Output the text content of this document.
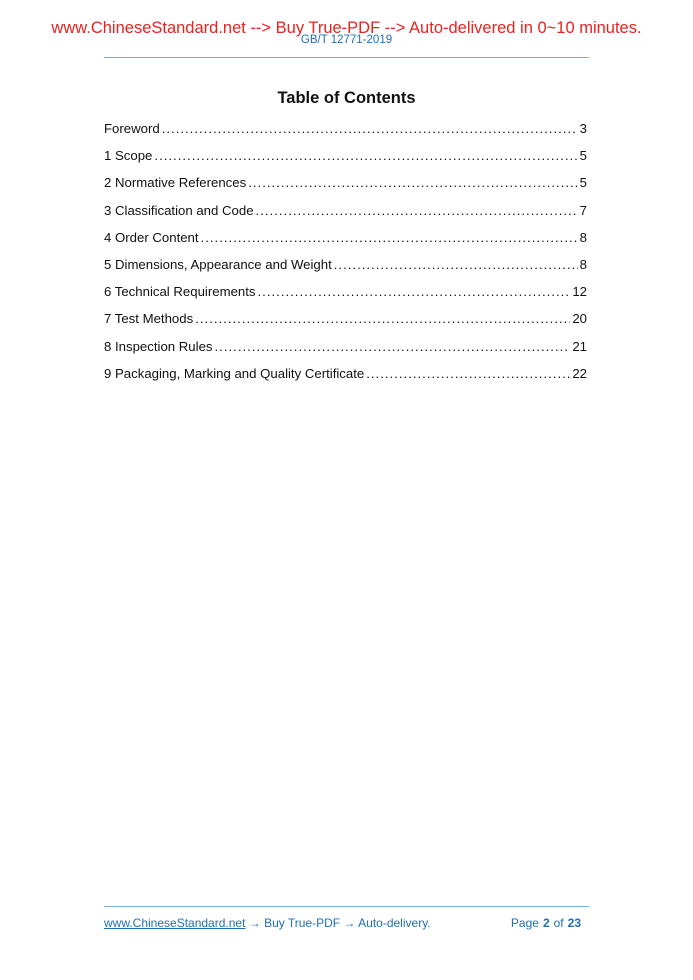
www.ChineseStandard.net --> Buy True-PDF --> Auto-delivered in 0~10 minutes.
GB/T 12771-2019
Table of Contents
Foreword .....	3
1 Scope .....	5
2 Normative References .....	5
3 Classification and Code .....	7
4 Order Content .....	8
5 Dimensions, Appearance and Weight .....	8
6 Technical Requirements .....	12
7 Test Methods .....	20
8 Inspection Rules .....	21
9 Packaging, Marking and Quality Certificate .....	22
www.ChineseStandard.net → Buy True-PDF → Auto-delivery.	Page 2 of 23
